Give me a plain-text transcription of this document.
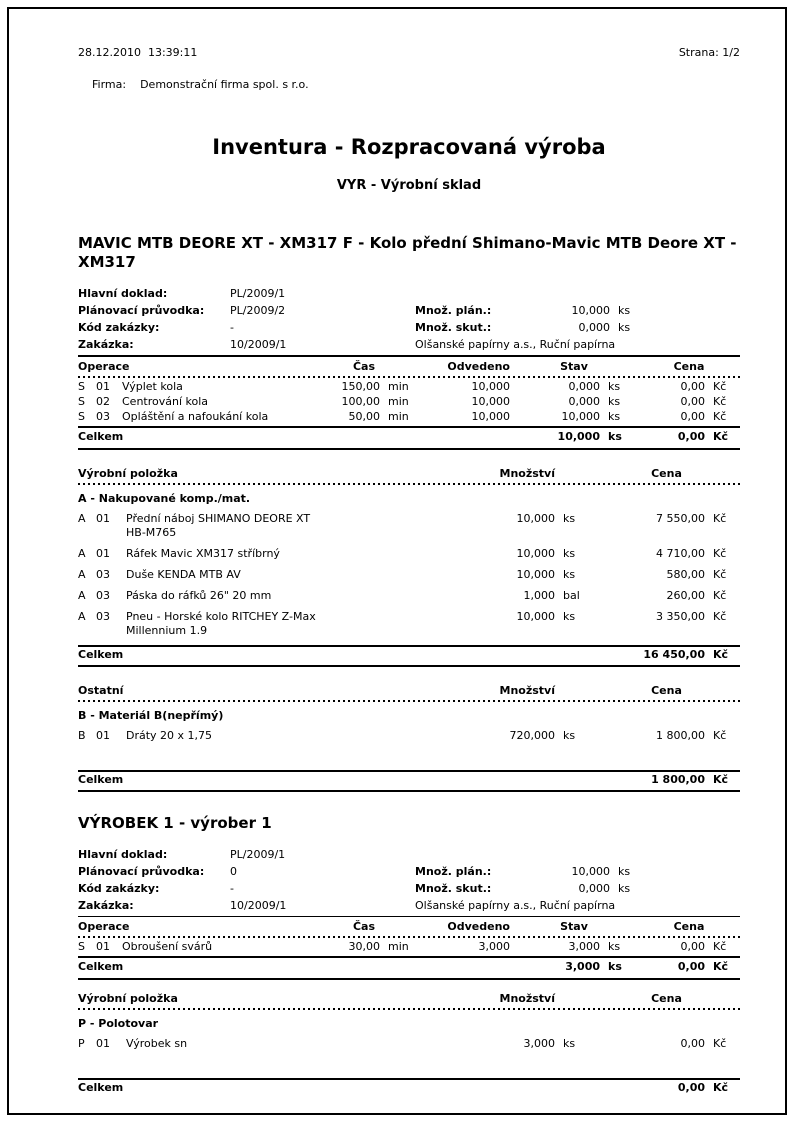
28.12.2010  13:39:11	Strana: 1/2

Firma: Demonstrační firma spol. s r.o.

Inventura - Rozpracovaná výroba
VYR - Výrobní sklad
MAVIC MTB DEORE XT - XM317 F - Kolo přední Shimano-Mavic MTB Deore XT - XM317
Hlavní doklad:	PL/2009/1
Plánovací průvodka:	PL/2009/2	Množ. plán.:	10,000 ks
Kód zakázky:	-	Množ. skut.:	0,000 ks
Zakázka:	10/2009/1	Olšanské papírny a.s., Ruční papírna
Operace	Čas	Odvedeno	Stav	Cena
S	01	Výplet kola	150,00 min	10,000	0,000 ks	0,00 Kč
S	02	Centrování kola	100,00 min	10,000	0,000 ks	0,00 Kč
S	03	Opláštění a nafoukání kola	50,00 min	10,000	10,000 ks	0,00 Kč
Celkem	10,000 ks	0,00 Kč
Výrobní položka	Množství	Cena
A - Nakupované komp./mat.
A 01	Přední náboj SHIMANO DEORE XT
HB-M765
10,000 ks	7 550,00 Kč
A 01	Ráfek Mavic XM317 stříbrný	10,000 ks	4 710,00 Kč
A 03	Duše KENDA MTB AV	10,000 ks	580,00 Kč
A 03	Páska do ráfků 26" 20 mm	1,000 bal	260,00 Kč
A 03	Pneu - Horské kolo RITCHEY Z-Max
Millennium 1.9
10,000 ks	3 350,00 Kč
Celkem	16 450,00 Kč
Ostatní	Množství	Cena
B - Materiál B(nepřímý)
B 01	Dráty 20 x 1,75	720,000 ks	1 800,00 Kč
Celkem	1 800,00 Kč
VÝROBEK 1 - výrober 1
Hlavní doklad:	PL/2009/1
Plánovací průvodka:	0	Množ. plán.:	10,000 ks
Kód zakázky:	-	Množ. skut.:	0,000 ks
Zakázka:	10/2009/1	Olšanské papírny a.s., Ruční papírna
Operace	Čas	Odvedeno	Stav	Cena
S	01	Obroušení svárů	30,00 min	3,000	3,000 ks	0,00 Kč
Celkem	3,000 ks	0,00 Kč
Výrobní položka	Množství	Cena
P - Polotovar
P	01	Výrobek sn	3,000 ks	0,00 Kč
Celkem	0,00 Kč
